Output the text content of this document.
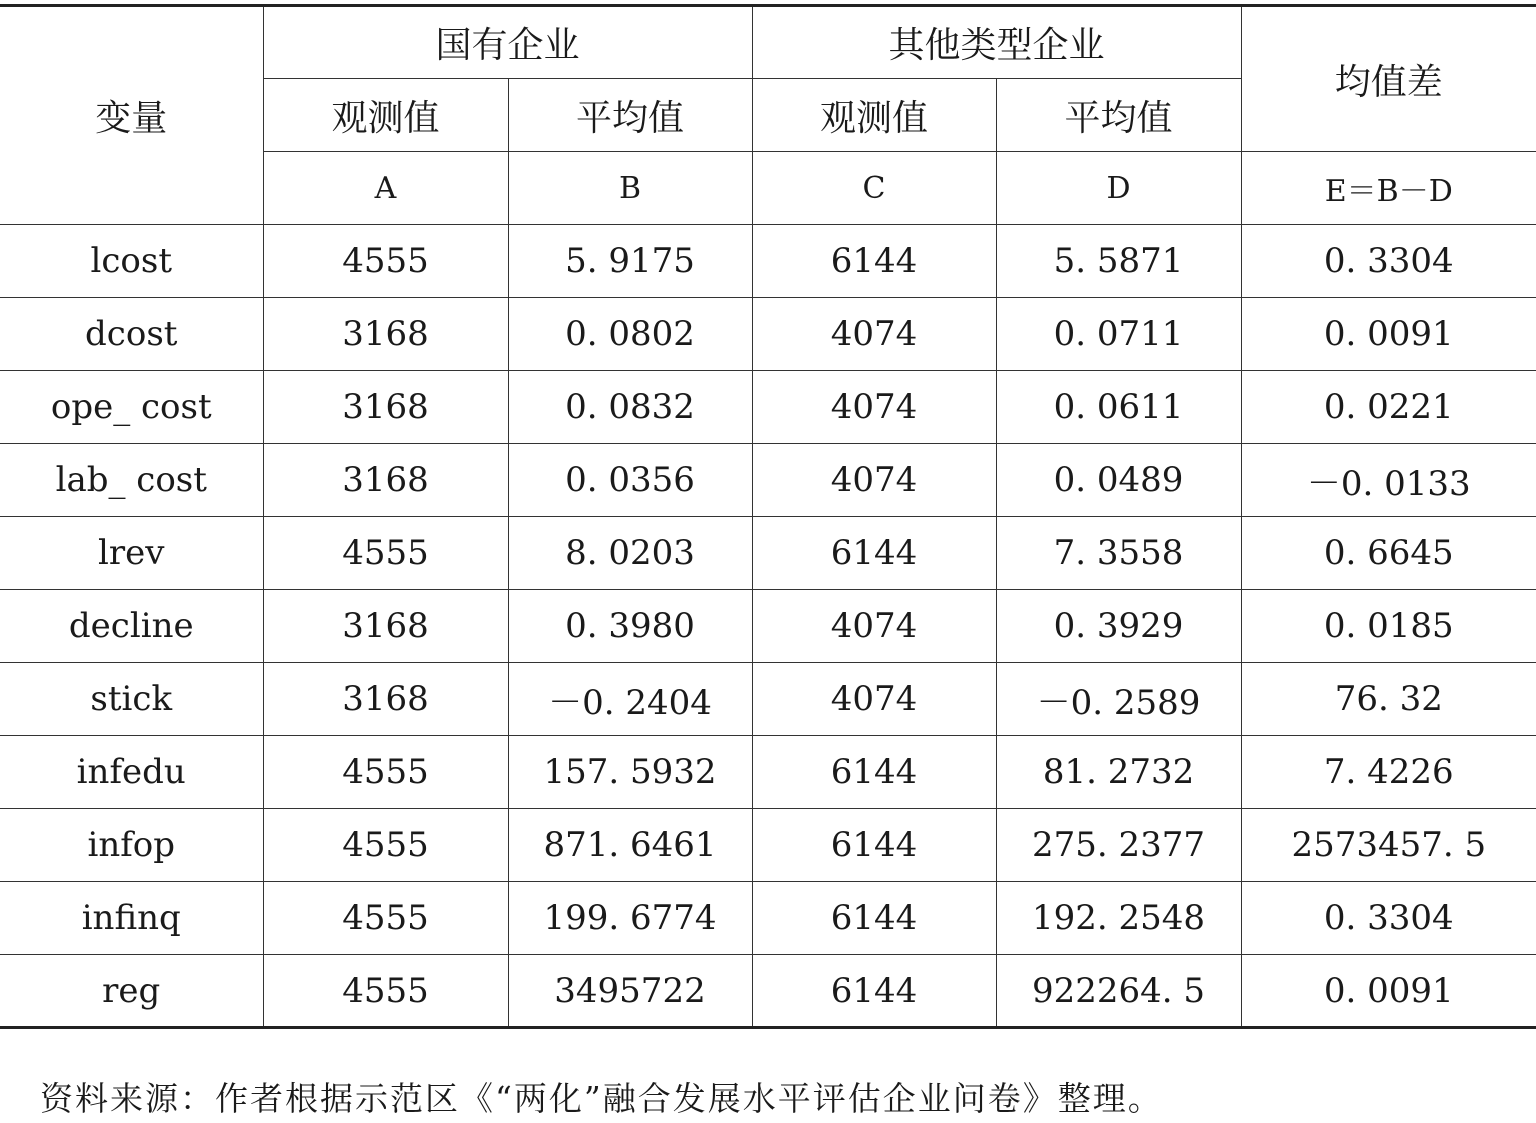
变量	国有企业		其他类型企业		均值差
	观测值	平均值	观测值	平均值	
	A	B	C	D	E＝B－D
lcost	4555	5. 9175	6144	5. 5871	0. 3304
dcost	3168	0. 0802	4074	0. 0711	0. 0091
ope_ cost	3168	0. 0832	4074	0. 0611	0. 0221
lab_ cost	3168	0. 0356	4074	0. 0489	－0. 0133
lrev	4555	8. 0203	6144	7. 3558	0. 6645
decline	3168	0. 3980	4074	0. 3929	0. 0185
stick	3168	－0. 2404	4074	－0. 2589	76. 32
infedu	4555	157. 5932	6144	81. 2732	7. 4226
infop	4555	871. 6461	6144	275. 2377	2573457. 5
infinq	4555	199. 6774	6144	192. 2548	0. 3304
reg	4555	3495722	6144	922264. 5	0. 0091
资料来源：作者根据示范区《“两化”融合发展水平评估企业问卷》整理。
